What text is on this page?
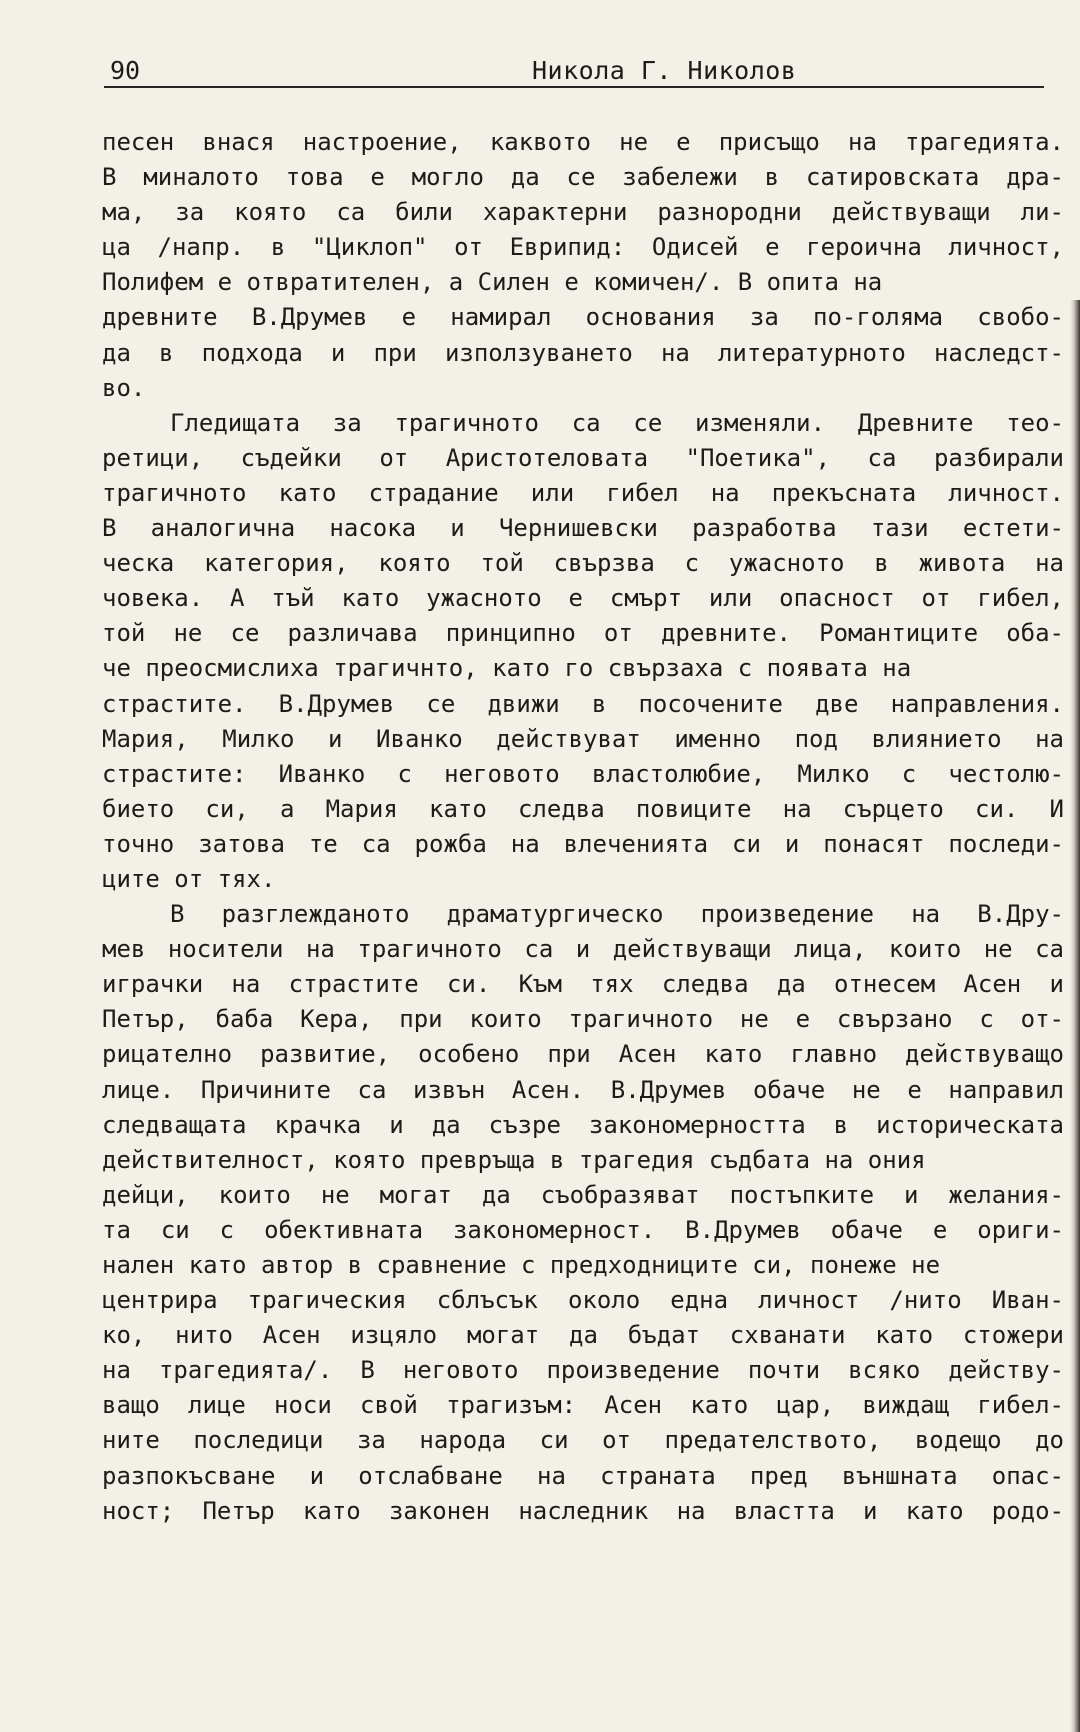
90	Никола Г. Николов
песен внася настроение, каквото не е присъщо на трагедията.
В миналото това е могло да се забележи в сатировската дра-
ма, за която са били характерни разнородни действуващи ли-
ца /напр. в "Циклоп" от Еврипид: Одисей е героична личност,
Полифем е отвратителен, а Силен е комичен/. В опита на
древните В.Друмев е намирал основания за по-голяма свобо-
да в подхода и при използуването на литературното наследст-
во.
Гледищата за трагичното са се изменяли. Древните тео-
ретици, съдейки от Аристотеловата "Поетика", са разбирали
трагичното като страдание или гибел на прекъсната личност.
В аналогична насока и Чернишевски разработва тази естети-
ческа категория, която той свързва с ужасното в живота на
човека. А тъй като ужасното е смърт или опасност от гибел,
той не се различава принципно от древните. Романтиците оба-
че преосмислиха трагичнто, като го свързаха с появата на
страстите. В.Друмев се движи в посочените две направления.
Мария, Милко и Иванко действуват именно под влиянието на
страстите: Иванко с неговото властолюбие, Милко с честолю-
бието си, а Мария като следва повиците на сърцето си. И
точно затова те са рожба на влеченията си и понасят последи-
ците от тях.
В разглежданото драматургическо произведение на В.Дру-
мев носители на трагичното са и действуващи лица, които не са
играчки на страстите си. Към тях следва да отнесем Асен и
Петър, баба Кера, при които трагичното не е свързано с от-
рицателно развитие, особено при Асен като главно действуващо
лице. Причините са извън Асен. В.Друмев обаче не е направил
следващата крачка и да съзре закономерността в историческата
действителност, която превръща в трагедия съдбата на ония
дейци, които не могат да съобразяват постъпките и желания-
та си с обективната закономерност. В.Друмев обаче е ориги-
нален като автор в сравнение с предходниците си, понеже не
центрира трагическия сблъсък около една личност /нито Иван-
ко, нито Асен изцяло могат да бъдат схванати като стожери
на трагедията/. В неговото произведение почти всяко действу-
ващо лице носи свой трагизъм: Асен като цар, виждащ гибел-
ните последици за народа си от предателството, водещо до
разпокъсване и отслабване на страната пред външната опас-
ност; Петър като законен наследник на властта и като родо-
